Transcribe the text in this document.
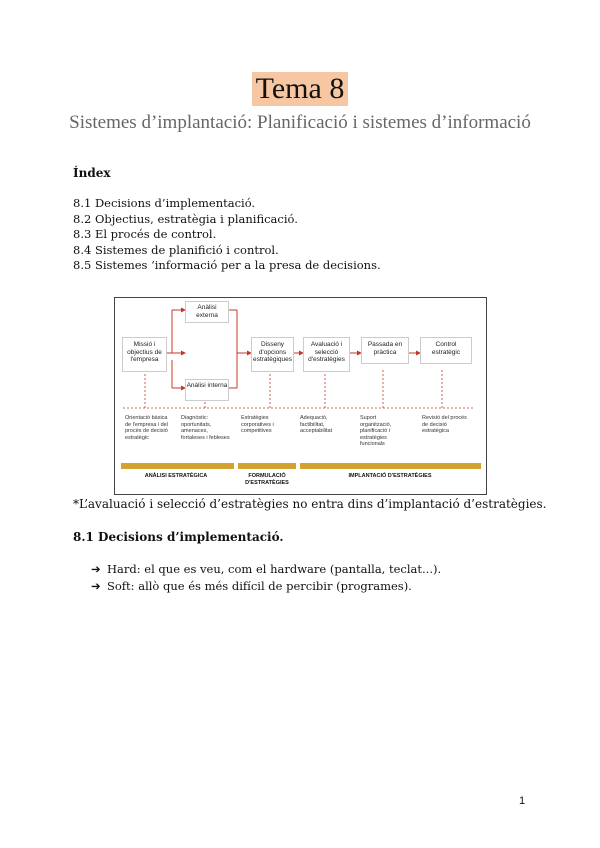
Tema 8
Sistemes d’implantació: Planificació i sistemes d’informació
Índex
8.1 Decisions d’implementació.
8.2 Objectius, estratègia i planificació.
8.3 El procés de control.
8.4 Sistemes de planifició i control.
8.5 Sistemes ‘informació per a la presa de decisions.
Missió i objectius de l'empresa
Anàlisi externa
Anàlisi interna
Disseny d'opcions estratègiques
Avaluació i selecció d'estratègies
Passada en pràctica
Control estratègic
Orientació bàsica de l'empresa i del procés de decisió estratègic
Diagnòstic: oportunitats, amenaces, fortaleses i febleses
Estratègies corporatives i competitives
Adequació, factibilitat, acceptabilitat
Suport organització, planificació i estratègies funcionals
Revisió del procés de decisió estratègica
ANÀLISI ESTRATÈGICA	FORMULACIÓ D'ESTRATÈGIES
IMPLANTACIÓ D'ESTRATÈGIES
*L’avaluació i selecció d’estratègies no entra dins d’implantació d’estratègies.
8.1 Decisions d’implementació.
➔ Hard: el que es veu, com el hardware (pantalla, teclat...).
➔ Soft: allò que és més difícil de percibir (programes).
1
